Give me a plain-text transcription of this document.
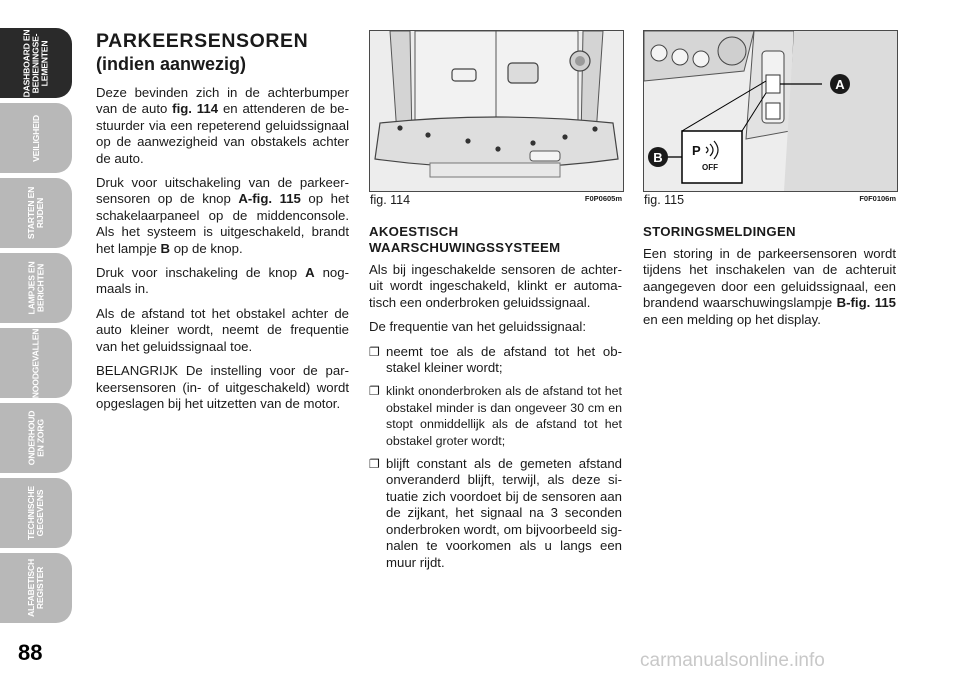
DASHBOARD EN
BEDIENINGSE-
LEMENTEN
VEILIGHEID
STARTEN EN
RIJDEN
LAMPJES EN
BERICHTEN
NOODGEVALLEN
ONDERHOUD
EN ZORG
TECHNISCHE
GEGEVENS
ALFABETISCH
REGISTER
88
PARKEERSENSOREN
(indien aanwezig)

Deze bevinden zich in de achterbumper van de auto fig. 114 en attenderen de bestuurder via een repeterend geluidssignaal op de aanwezigheid van obstakels achter de auto.

Druk voor uitschakeling van de parkeersensoren op de knop A-fig. 115 op het schakelaarpaneel op de middenconsole. Als het systeem is uitgeschakeld, brandt het lampje B op de knop.

Druk voor inschakeling de knop A nogmaals in.

Als de afstand tot het obstakel achter de auto kleiner wordt, neemt de frequentie van het geluidssignaal toe.

BELANGRIJK De instelling voor de parkeersensoren (in- of uitgeschakeld) wordt opgeslagen bij het uitzetten van de motor.

fig. 114	F0P0605m
A
P
OFF
B
fig. 115	F0F0106m
AKOESTISCH WAARSCHUWINGSSYSTEEM

Als bij ingeschakelde sensoren de achteruit wordt ingeschakeld, klinkt er automatisch een onderbroken geluidssignaal.

De frequentie van het geluidssignaal:

❐ neemt toe als de afstand tot het obstakel kleiner wordt;
❐ klinkt ononderbroken als de afstand tot het obstakel minder is dan ongeveer 30 cm en stopt onmiddellijk als de afstand tot het obstakel groter wordt;
❐ blijft constant als de gemeten afstand onveranderd blijft, terwijl, als deze situatie zich voordoet bij de sensoren aan de zijkant, het signaal na 3 seconden onderbroken wordt, om bijvoorbeeld signalen te voorkomen als u langs een muur rijdt.
STORINGSMELDINGEN

Een storing in de parkeersensoren wordt tijdens het inschakelen van de achteruit aangegeven door een geluidssignaal, een brandend waarschuwingslampje B-fig. 115 en een melding op het display.

carmanualsonline.info
